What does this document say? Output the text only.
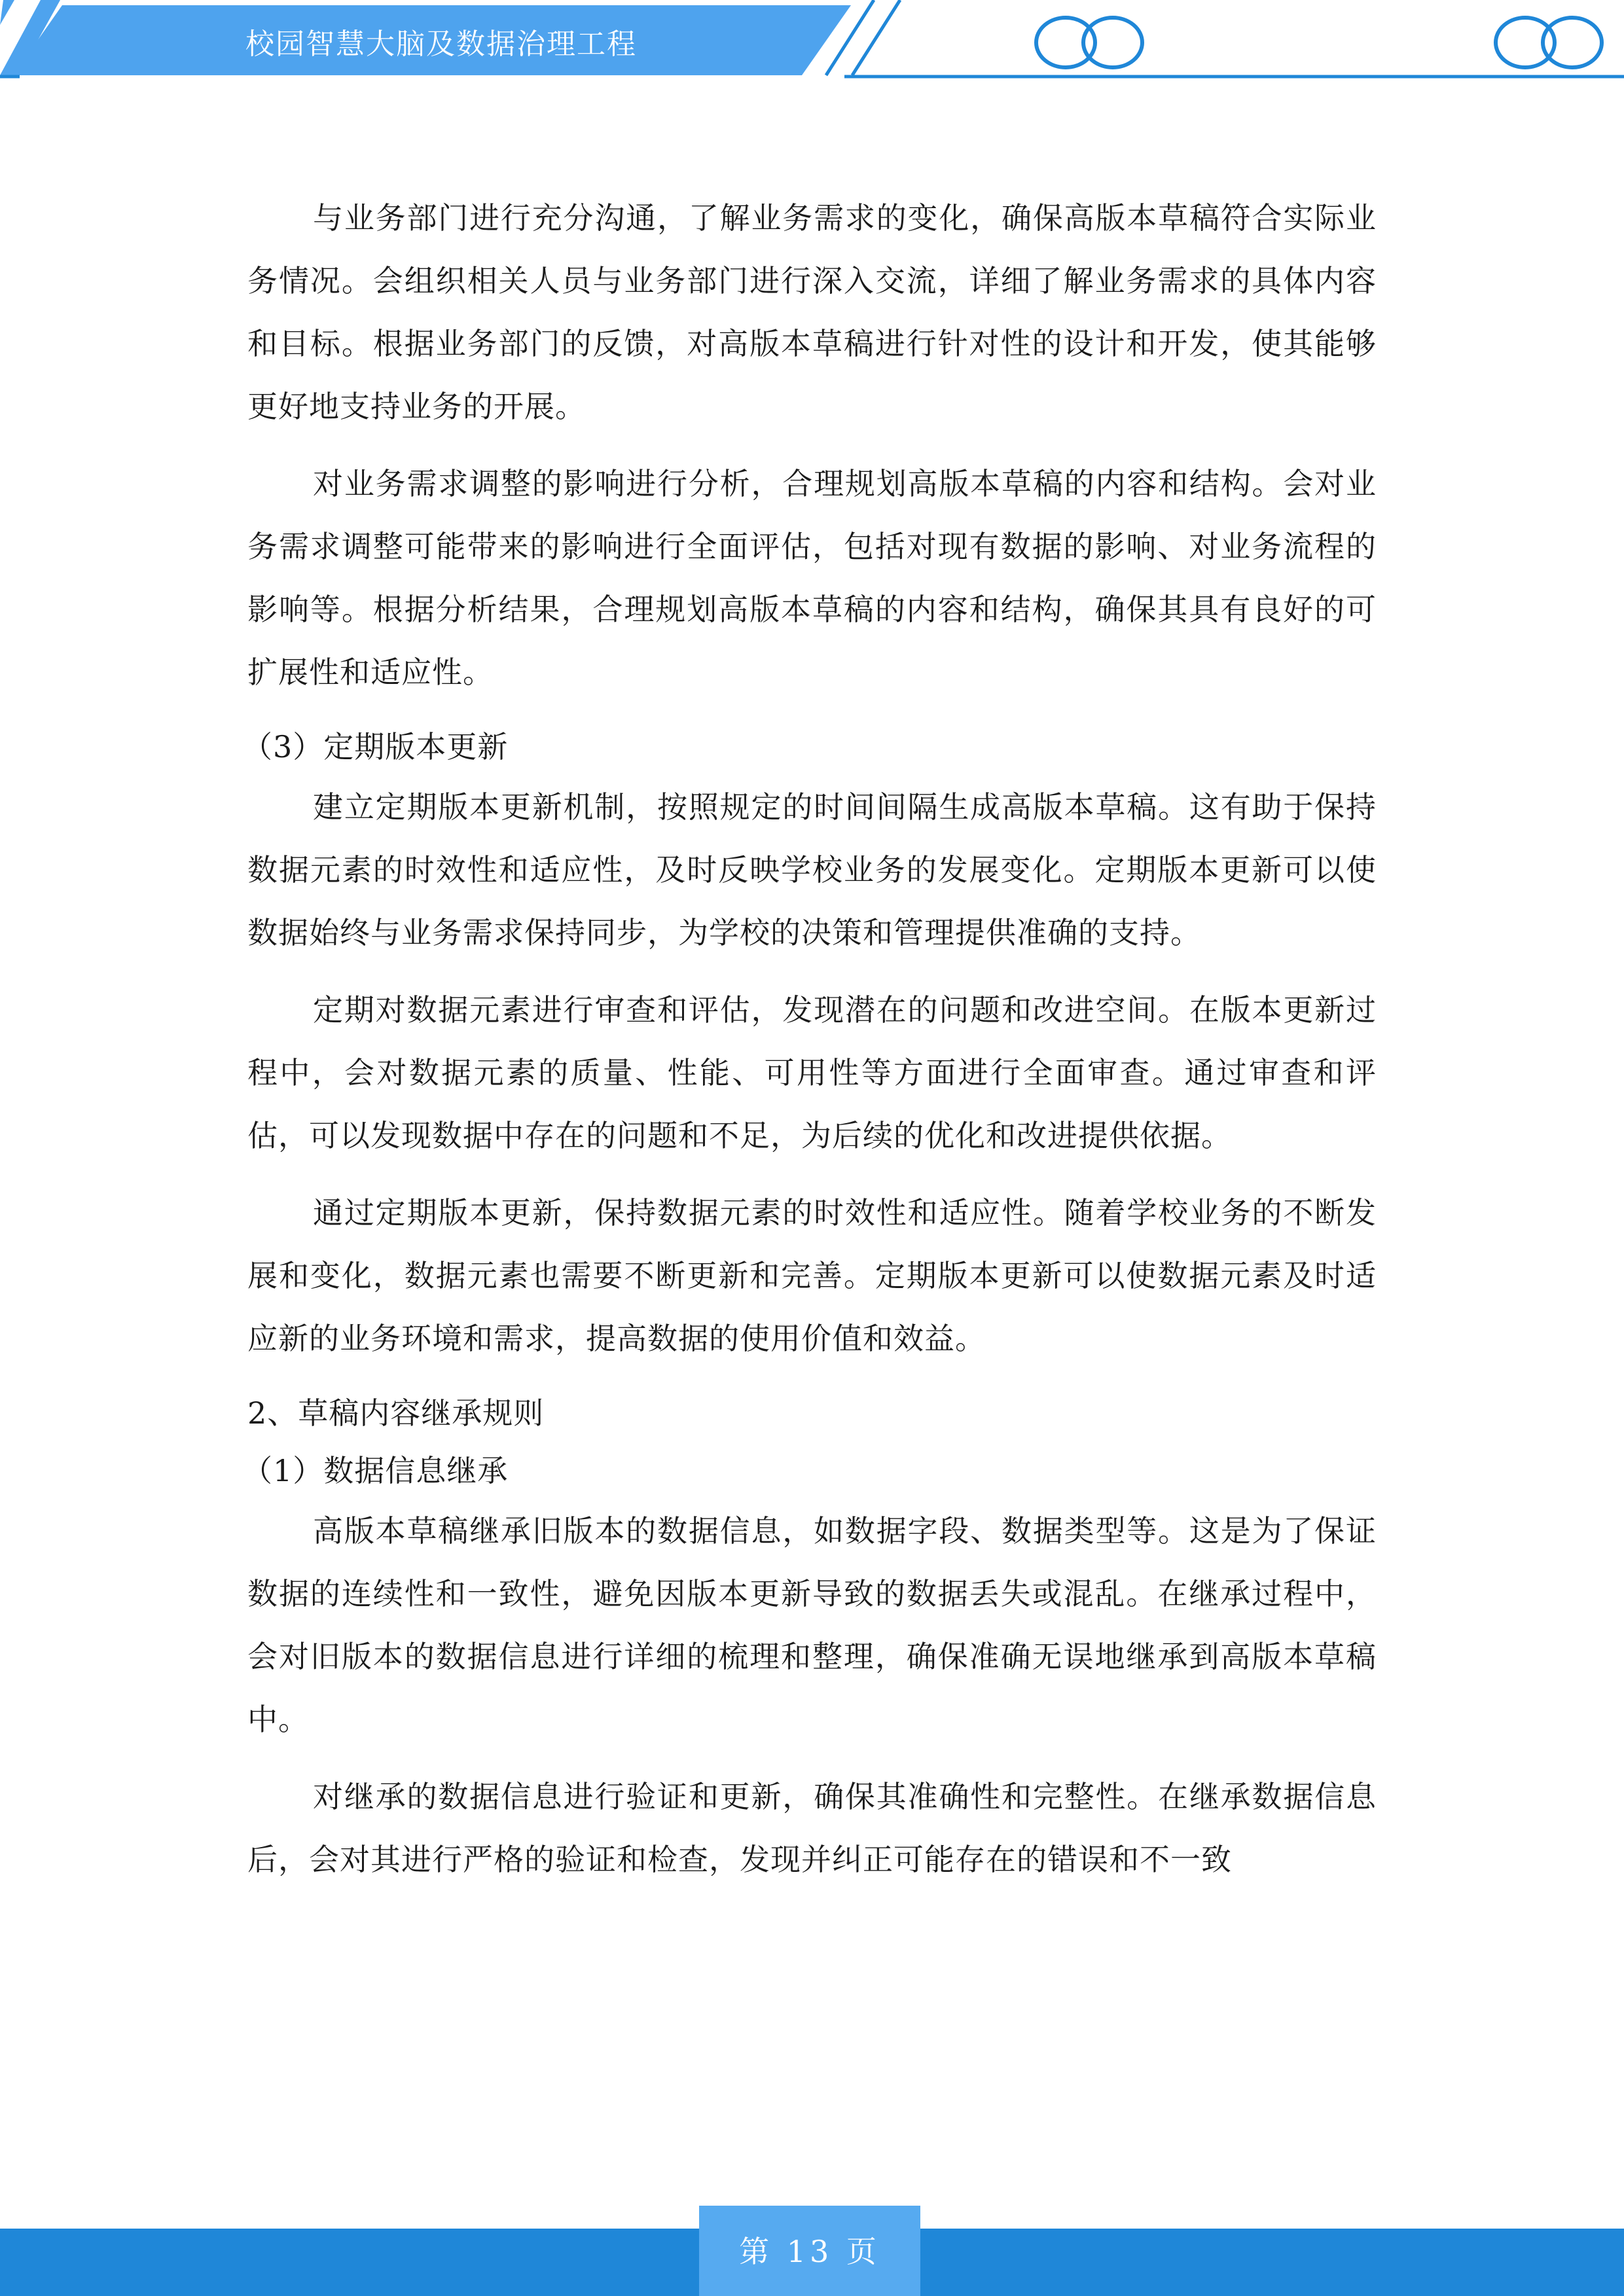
校园智慧大脑及数据治理工程

与业务部门进行充分沟通，了解业务需求的变化，确保高版本草稿符合实际业务情况。会组织相关人员与业务部门进行深入交流，详细了解业务需求的具体内容和目标。根据业务部门的反馈，对高版本草稿进行针对性的设计和开发，使其能够更好地支持业务的开展。

对业务需求调整的影响进行分析，合理规划高版本草稿的内容和结构。会对业务需求调整可能带来的影响进行全面评估，包括对现有数据的影响、对业务流程的影响等。根据分析结果，合理规划高版本草稿的内容和结构，确保其具有良好的可扩展性和适应性。

（3）定期版本更新

建立定期版本更新机制，按照规定的时间间隔生成高版本草稿。这有助于保持数据元素的时效性和适应性，及时反映学校业务的发展变化。定期版本更新可以使数据始终与业务需求保持同步，为学校的决策和管理提供准确的支持。

定期对数据元素进行审查和评估，发现潜在的问题和改进空间。在版本更新过程中，会对数据元素的质量、性能、可用性等方面进行全面审查。通过审查和评估，可以发现数据中存在的问题和不足，为后续的优化和改进提供依据。

通过定期版本更新，保持数据元素的时效性和适应性。随着学校业务的不断发展和变化，数据元素也需要不断更新和完善。定期版本更新可以使数据元素及时适应新的业务环境和需求，提高数据的使用价值和效益。

2、草稿内容继承规则

（1）数据信息继承

高版本草稿继承旧版本的数据信息，如数据字段、数据类型等。这是为了保证数据的连续性和一致性，避免因版本更新导致的数据丢失或混乱。在继承过程中，会对旧版本的数据信息进行详细的梳理和整理，确保准确无误地继承到高版本草稿中。

对继承的数据信息进行验证和更新，确保其准确性和完整性。在继承数据信息后，会对其进行严格的验证和检查，发现并纠正可能存在的错误和不一致

第 13 页
